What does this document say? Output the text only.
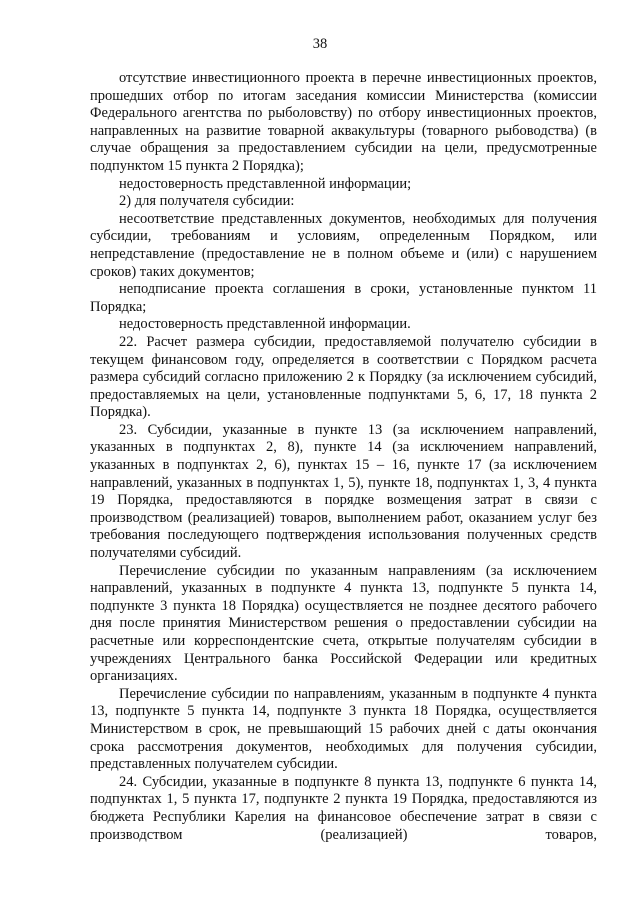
38

отсутствие инвестиционного проекта в перечне инвестиционных проектов, прошедших отбор по итогам заседания комиссии Министерства (комиссии Федерального агентства по рыболовству) по отбору инвестиционных проектов, направленных на развитие товарной аквакультуры (товарного рыбоводства) (в случае обращения за предоставлением субсидии на цели, предусмотренные подпунктом 15 пункта 2 Порядка);

недостоверность представленной информации;

2) для получателя субсидии:

несоответствие представленных документов, необходимых для получения субсидии, требованиям и условиям, определенным Порядком, или непредставление (предоставление не в полном объеме и (или) с нарушением сроков) таких документов;

неподписание проекта соглашения в сроки, установленные пунктом 11 Порядка;

недостоверность представленной информации.

22. Расчет размера субсидии, предоставляемой получателю субсидии в текущем финансовом году, определяется в соответствии с Порядком расчета размера субсидий согласно приложению 2 к Порядку (за исключением субсидий, предоставляемых на цели, установленные подпунктами 5, 6, 17, 18 пункта 2 Порядка).

23. Субсидии, указанные в пункте 13 (за исключением направлений, указанных в подпунктах 2, 8), пункте 14 (за исключением направлений, указанных в подпунктах 2, 6), пунктах 15 – 16, пункте 17 (за исключением направлений, указанных в подпунктах 1, 5), пункте 18, подпунктах 1, 3, 4 пункта 19 Порядка, предоставляются в порядке возмещения затрат в связи с производством (реализацией) товаров, выполнением работ, оказанием услуг без требования последующего подтверждения использования полученных средств получателями субсидий.

Перечисление субсидии по указанным направлениям (за исключением направлений, указанных в подпункте 4 пункта 13, подпункте 5 пункта 14, подпункте 3 пункта 18 Порядка) осуществляется не позднее десятого рабочего дня после принятия Министерством решения о предоставлении субсидии на расчетные или корреспондентские счета, открытые получателям субсидии в учреждениях Центрального банка Российской Федерации или кредитных организациях.

Перечисление субсидии по направлениям, указанным в подпункте 4 пункта 13, подпункте 5 пункта 14, подпункте 3 пункта 18 Порядка, осуществляется Министерством в срок, не превышающий 15 рабочих дней с даты окончания срока рассмотрения документов, необходимых для получения субсидии, представленных получателем субсидии.

24. Субсидии, указанные в подпункте 8 пункта 13, подпункте 6 пункта 14, подпунктах 1, 5 пункта 17, подпункте 2 пункта 19 Порядка, предоставляются из бюджета Республики Карелия на финансовое обеспечение затрат в связи с производством (реализацией) товаров,
